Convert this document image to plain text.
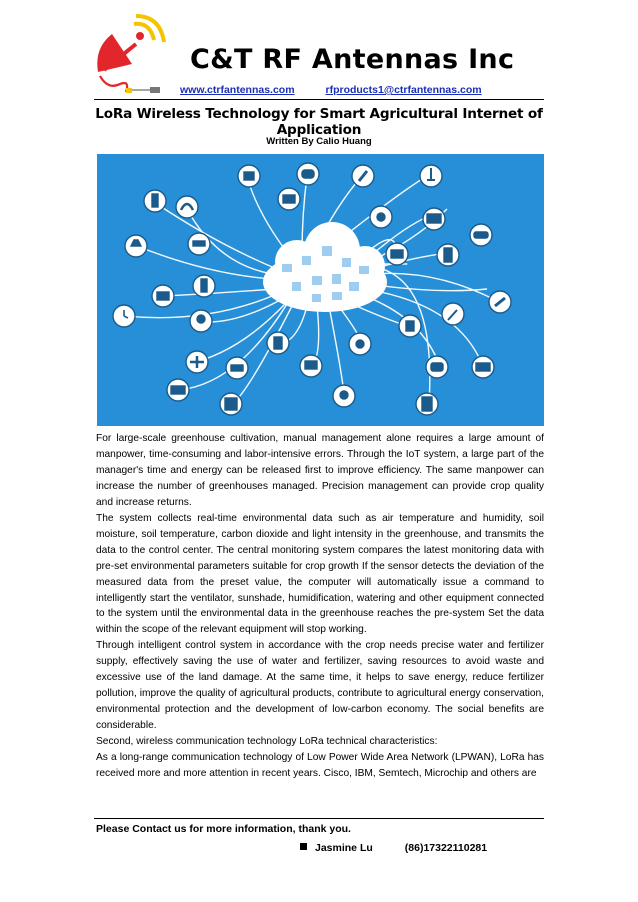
C&T RF Antennas Inc
www.ctrfantennas.com	rfproducts1@ctrfantennas.com
LoRa Wireless Technology for Smart Agricultural Internet of Application
Written By Calio Huang

For large-scale greenhouse cultivation, manual management alone requires a large amount of manpower, time-consuming and labor-intensive errors. Through the IoT system, a large part of the manager's time and energy can be released first to improve efficiency. The same manpower can increase the number of greenhouses managed. Precision management can provide crop quality and increase returns.

The system collects real-time environmental data such as air temperature and humidity, soil moisture, soil temperature, carbon dioxide and light intensity in the greenhouse, and transmits the data to the control center. The central monitoring system compares the latest monitoring data with pre-set environmental parameters suitable for crop growth If the sensor detects the deviation of the measured data from the preset value, the computer will automatically issue a command to intelligently start the ventilator, sunshade, humidification, watering and other equipment connected to the system until the environmental data in the greenhouse reaches the pre-system Set the data within the scope of the relevant equipment will stop working.

Through intelligent control system in accordance with the crop needs precise water and fertilizer supply, effectively saving the use of water and fertilizer, saving resources to avoid waste and excessive use of the land damage. At the same time, it helps to save energy, reduce fertilizer pollution, improve the quality of agricultural products, contribute to agricultural energy conservation, environmental protection and the development of low-carbon economy. The social benefits are considerable.

Second, wireless communication technology LoRa technical characteristics:

As a long-range communication technology of Low Power Wide Area Network (LPWAN), LoRa has received more and more attention in recent years. Cisco, IBM, Semtech, Microchip and others are

Please Contact us for more information, thank you.
Jasmine Lu	(86)17322110281
